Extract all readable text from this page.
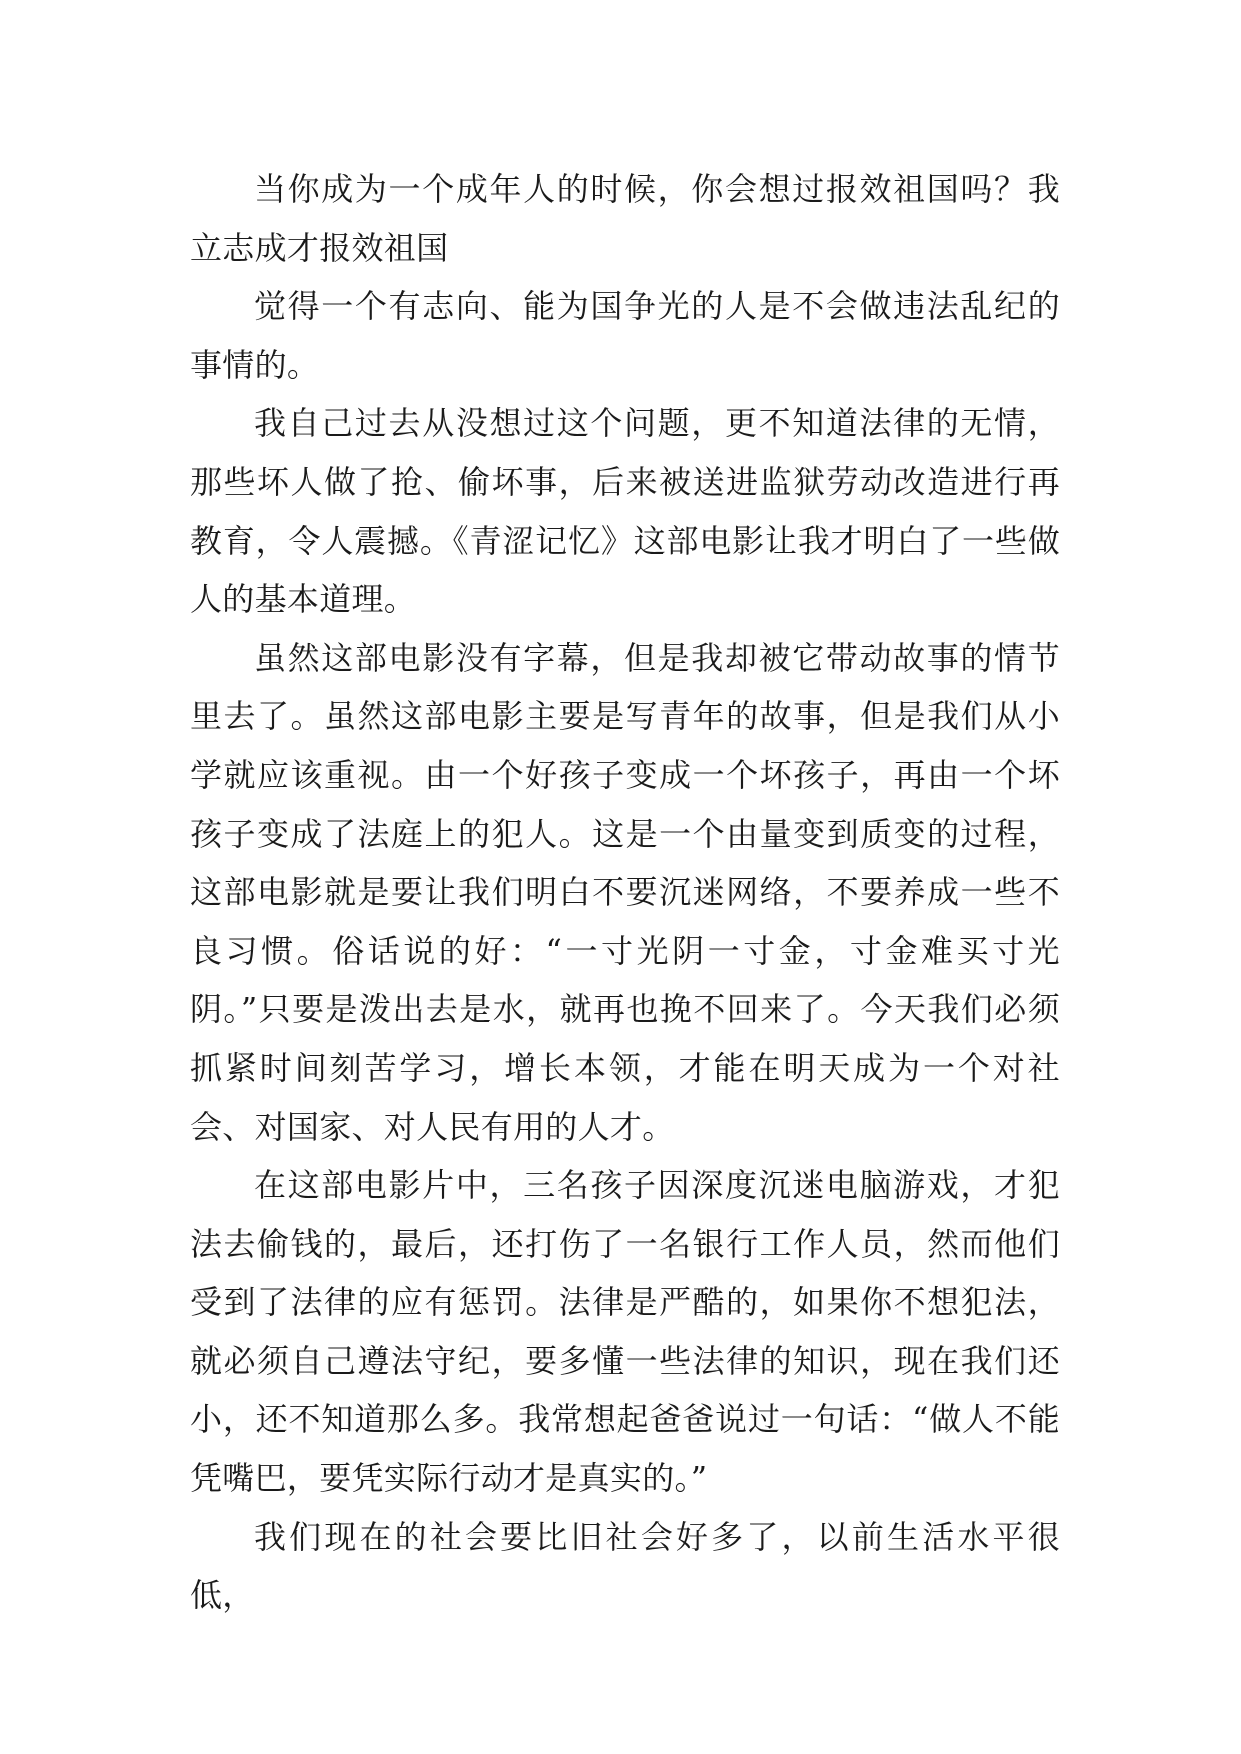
当你成为一个成年人的时候，你会想过报效祖国吗？我立志成才报效祖国

觉得一个有志向、能为国争光的人是不会做违法乱纪的事情的。

我自己过去从没想过这个问题，更不知道法律的无情，那些坏人做了抢、偷坏事，后来被送进监狱劳动改造进行再教育，令人震撼。《青涩记忆》这部电影让我才明白了一些做人的基本道理。

虽然这部电影没有字幕，但是我却被它带动故事的情节里去了。虽然这部电影主要是写青年的故事，但是我们从小学就应该重视。由一个好孩子变成一个坏孩子，再由一个坏孩子变成了法庭上的犯人。这是一个由量变到质变的过程，这部电影就是要让我们明白不要沉迷网络，不要养成一些不良习惯。俗话说的好：“一寸光阴一寸金，寸金难买寸光阴。”只要是泼出去是水，就再也挽不回来了。今天我们必须抓紧时间刻苦学习，增长本领，才能在明天成为一个对社会、对国家、对人民有用的人才。

在这部电影片中，三名孩子因深度沉迷电脑游戏，才犯法去偷钱的，最后，还打伤了一名银行工作人员，然而他们受到了法律的应有惩罚。法律是严酷的，如果你不想犯法，就必须自己遵法守纪，要多懂一些法律的知识，现在我们还小，还不知道那么多。我常想起爸爸说过一句话：“做人不能凭嘴巴，要凭实际行动才是真实的。”

我们现在的社会要比旧社会好多了，以前生活水平很低，
